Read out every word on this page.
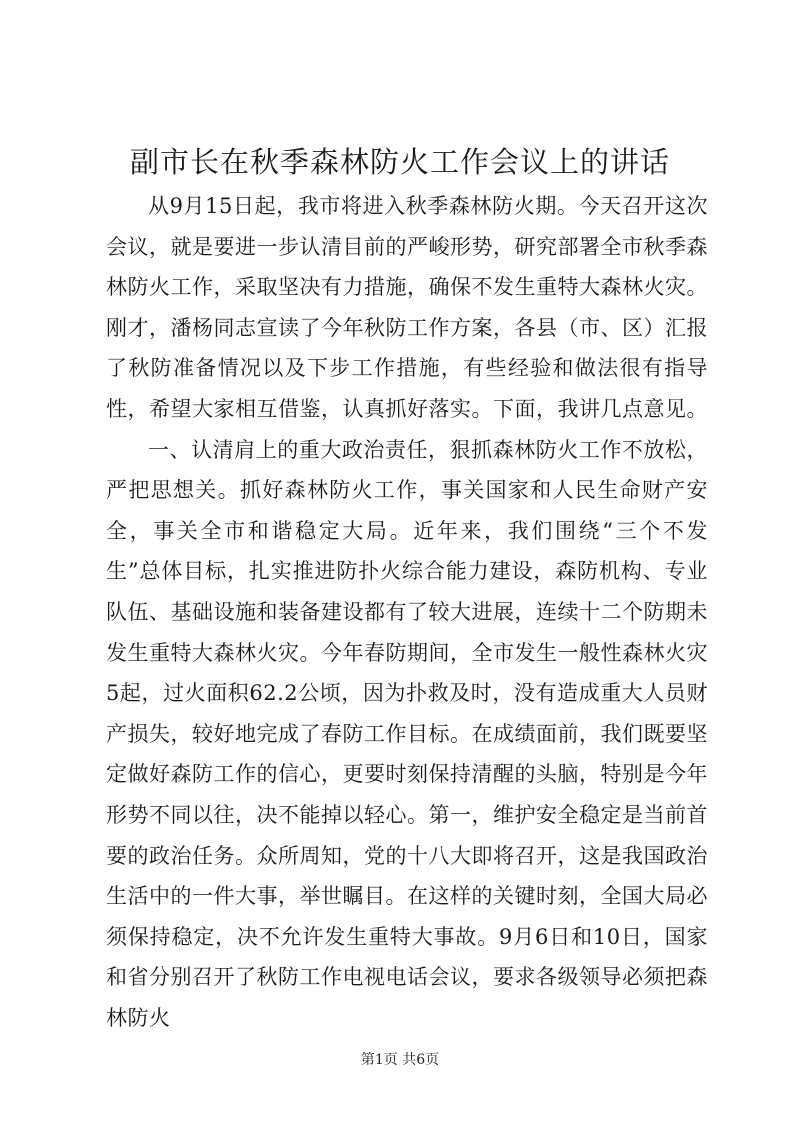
副市长在秋季森林防火工作会议上的讲话

从9月15日起，我市将进入秋季森林防火期。今天召开这次会议，就是要进一步认清目前的严峻形势，研究部署全市秋季森林防火工作，采取坚决有力措施，确保不发生重特大森林火灾。刚才，潘杨同志宣读了今年秋防工作方案，各县（市、区）汇报了秋防准备情况以及下步工作措施，有些经验和做法很有指导性，希望大家相互借鉴，认真抓好落实。下面，我讲几点意见。

一、认清肩上的重大政治责任，狠抓森林防火工作不放松，严把思想关。抓好森林防火工作，事关国家和人民生命财产安全，事关全市和谐稳定大局。近年来，我们围绕“三个不发生”总体目标，扎实推进防扑火综合能力建设，森防机构、专业队伍、基础设施和装备建设都有了较大进展，连续十二个防期未发生重特大森林火灾。今年春防期间，全市发生一般性森林火灾5起，过火面积62.2公顷，因为扑救及时，没有造成重大人员财产损失，较好地完成了春防工作目标。在成绩面前，我们既要坚定做好森防工作的信心，更要时刻保持清醒的头脑，特别是今年形势不同以往，决不能掉以轻心。第一，维护安全稳定是当前首要的政治任务。众所周知，党的十八大即将召开，这是我国政治生活中的一件大事，举世瞩目。在这样的关键时刻，全国大局必须保持稳定，决不允许发生重特大事故。9月6日和10日，国家和省分别召开了秋防工作电视电话会议，要求各级领导必须把森林防火

第1页 共6页
